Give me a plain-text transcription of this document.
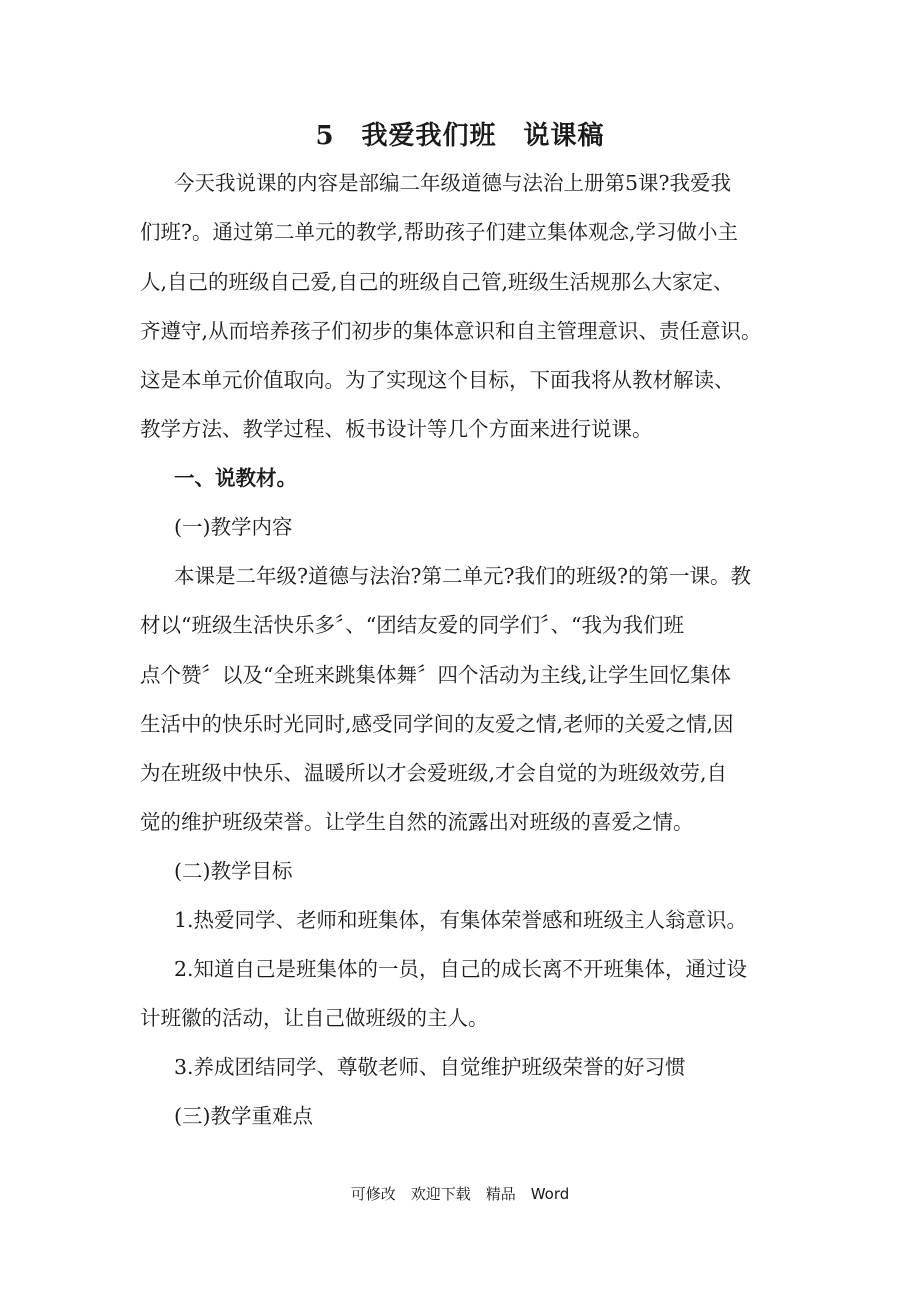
5　我爱我们班　说课稿
今天我说课的内容是部编二年级道德与法治上册第5课?我爱我
们班?。通过第二单元的教学,帮助孩子们建立集体观念,学习做小主
人,自己的班级自己爱,自己的班级自己管,班级生活规那么大家定、
齐遵守,从而培养孩子们初步的集体意识和自主管理意识、责任意识。
这是本单元价值取向。为了实现这个目标，下面我将从教材解读、
教学方法、教学过程、板书设计等几个方面来进行说课。
一、说教材。
(一)教学内容
本课是二年级?道德与法治?第二单元?我们的班级?的第一课。教
材以“班级生活快乐多〞、“团结友爱的同学们〞、“我为我们班
点个赞〞以及“全班来跳集体舞〞四个活动为主线,让学生回忆集体
生活中的快乐时光同时,感受同学间的友爱之情,老师的关爱之情,因
为在班级中快乐、温暖所以才会爱班级,才会自觉的为班级效劳,自
觉的维护班级荣誉。让学生自然的流露出对班级的喜爱之情。
(二)教学目标
1.热爱同学、老师和班集体，有集体荣誉感和班级主人翁意识。
2.知道自己是班集体的一员，自己的成长离不开班集体，通过设
计班徽的活动，让自己做班级的主人。
3.养成团结同学、尊敬老师、自觉维护班级荣誉的好习惯
(三)教学重难点
可修改　欢迎下载　精品　Word
